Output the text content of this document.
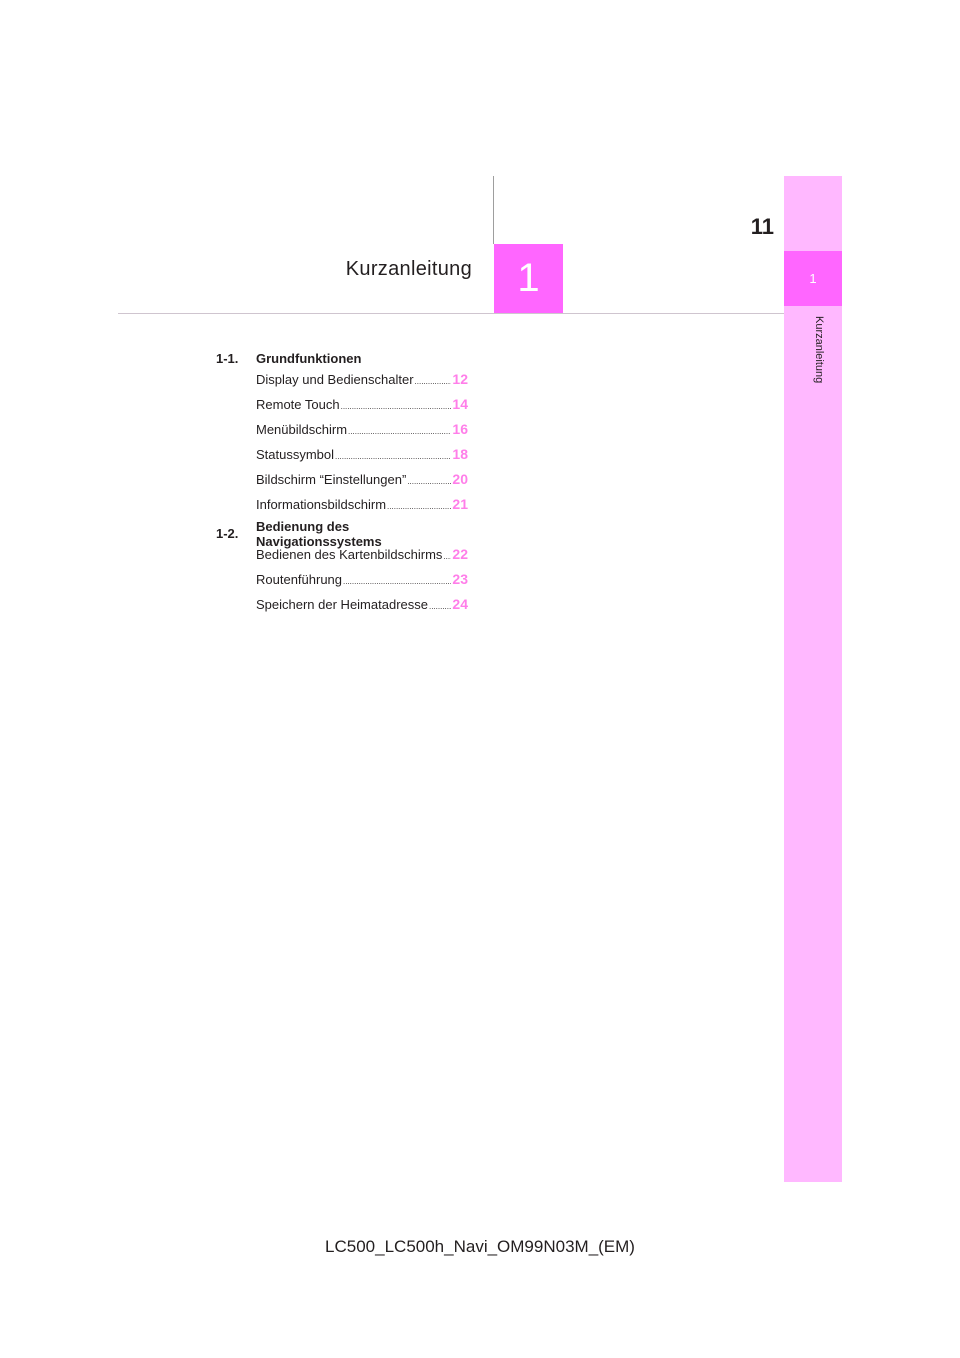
11
Kurzanleitung	1	1
Kurzanleitung
1-1.	Grundfunktionen
Display und Bedienschalter .....	12
Remote Touch .....	14
Menübildschirm .....	16
Statussymbol .....	18
Bildschirm “Einstellungen” .....	20
Informationsbildschirm .....	21
1-2.	Bedienung des Navigationssystems
Bedienen des Kartenbildschirms ..... 22
Routenführung .....	23
Speichern der Heimatadresse ..... 24
LC500_LC500h_Navi_OM99N03M_(EM)
